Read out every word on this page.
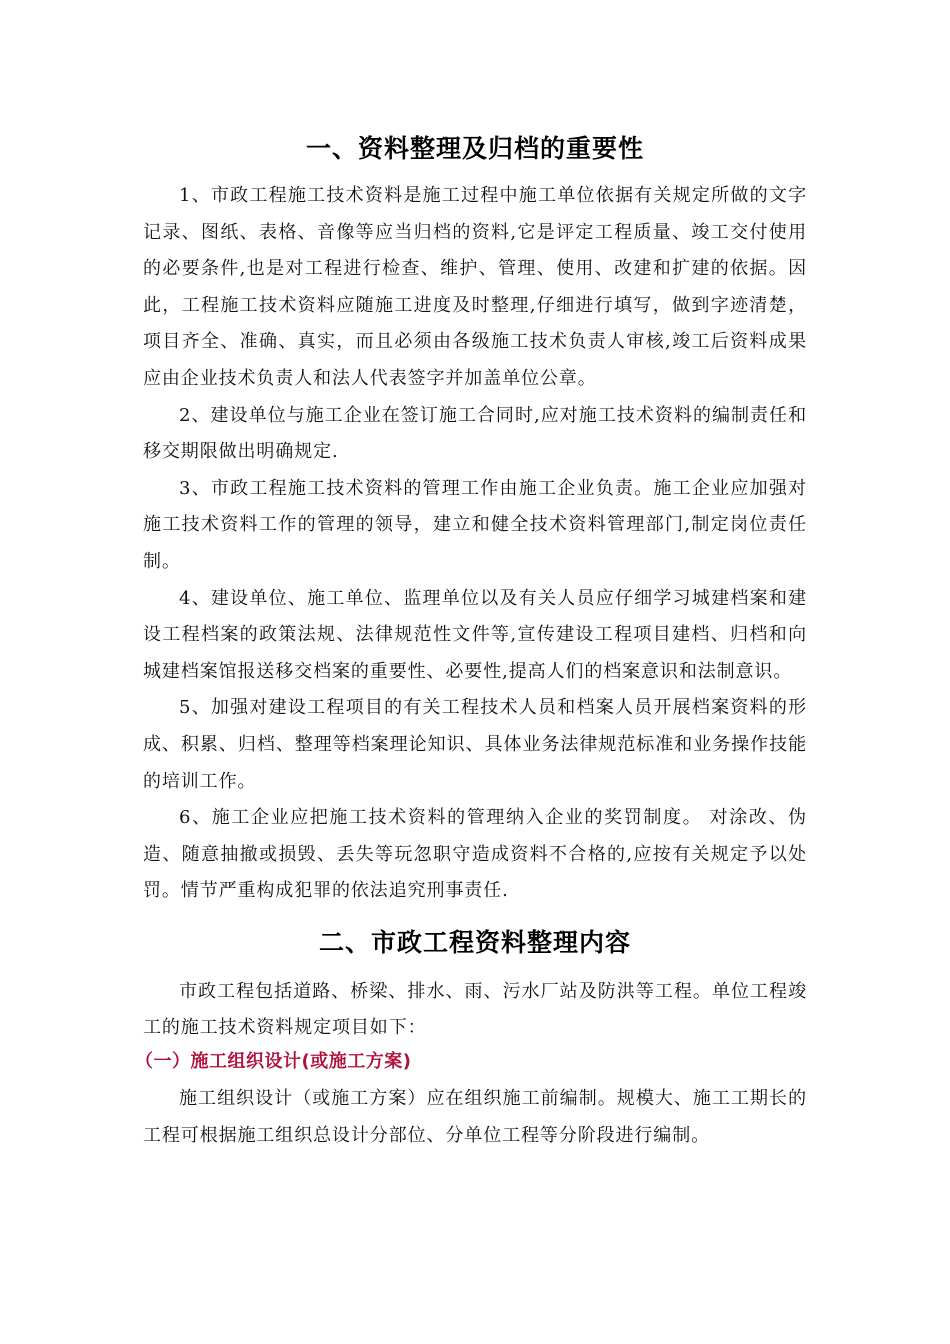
一、资料整理及归档的重要性

1、市政工程施工技术资料是施工过程中施工单位依据有关规定所做的文字记录、图纸、表格、音像等应当归档的资料,它是评定工程质量、竣工交付使用的必要条件,也是对工程进行检查、维护、管理、使用、改建和扩建的依据。因此，工程施工技术资料应随施工进度及时整理,仔细进行填写，做到字迹清楚，项目齐全、准确、真实，而且必须由各级施工技术负责人审核,竣工后资料成果应由企业技术负责人和法人代表签字并加盖单位公章。

2、建设单位与施工企业在签订施工合同时,应对施工技术资料的编制责任和移交期限做出明确规定.

3、市政工程施工技术资料的管理工作由施工企业负责。施工企业应加强对施工技术资料工作的管理的领导，建立和健全技术资料管理部门,制定岗位责任制。

4、建设单位、施工单位、监理单位以及有关人员应仔细学习城建档案和建设工程档案的政策法规、法律规范性文件等,宣传建设工程项目建档、归档和向城建档案馆报送移交档案的重要性、必要性,提高人们的档案意识和法制意识。

5、加强对建设工程项目的有关工程技术人员和档案人员开展档案资料的形成、积累、归档、整理等档案理论知识、具体业务法律规范标准和业务操作技能的培训工作。

6、施工企业应把施工技术资料的管理纳入企业的奖罚制度。 对涂改、伪造、随意抽撤或损毁、丢失等玩忽职守造成资料不合格的,应按有关规定予以处罚。情节严重构成犯罪的依法追究刑事责任.

二、市政工程资料整理内容

市政工程包括道路、桥梁、排水、雨、污水厂站及防洪等工程。单位工程竣工的施工技术资料规定项目如下：

（一）施工组织设计(或施工方案)

施工组织设计（或施工方案）应在组织施工前编制。规模大、施工工期长的工程可根据施工组织总设计分部位、分单位工程等分阶段进行编制。
